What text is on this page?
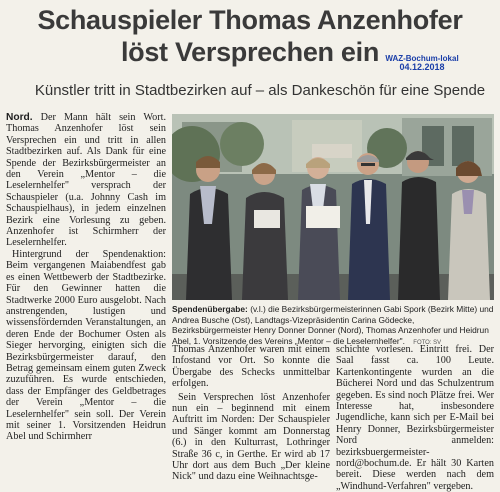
Schauspieler Thomas Anzenhofer
löst Versprechen ein WAZ-Bochum-lokal
04.12.2018
Künstler tritt in Stadtbezirken auf – als Dankeschön für eine Spende

Nord. Der Mann hält sein Wort. Thomas Anzenhofer löst sein Versprechen ein und tritt in allen Stadtbezirken auf. Als Dank für eine Spende der Bezirksbürgermeister an den Verein „Mentor – die Leselernhelfer" versprach der Schauspieler (u.a. Johnny Cash im Schauspielhaus), in jedem einzelnen Bezirk eine Vorlesung zu geben. Anzenhofer ist Schirmherr der Leselernhelfer.

Hintergrund der Spendenaktion: Beim vergangenen Maiabendfest gab es einen Wettbewerb der Stadtbezirke. Für den Gewinner hatten die Stadtwerke 2000 Euro ausgelobt. Nach anstrengenden, lustigen und wissensfördernden Veranstaltungen, an deren Ende der Bochumer Osten als Sieger hervorging, einigten sich die Bezirksbürgermeister darauf, den Betrag gemeinsam einem guten Zweck zuzuführen. Es wurde entschieden, dass der Empfänger des Geldbetrages der Verein „Mentor – die Leselernhelfer" sein soll. Der Verein mit seiner 1. Vorsitzenden Heidrun Abel und Schirmherr

Spendenübergabe: (v.l.) die Bezirksbürgermeisterinnen Gabi Spork (Bezirk Mitte) und Andrea Busche (Ost), Landtags-Vizepräsidentin Carina Gödecke, Bezirksbürgermeister Henry Donner Donner (Nord), Thomas Anzenhofer und Heidrun Abel, 1. Vorsitzende des Vereins „Mentor – die Leselernhelfer". FOTO: SV

Thomas Anzenhofer waren mit einem Infostand vor Ort. So konnte die Übergabe des Schecks unmittelbar erfolgen.

Sein Versprechen löst Anzenhofer nun ein – beginnend mit einem Auftritt im Norden: Der Schauspieler und Sänger kommt am Donnerstag (6.) in den Kulturrast, Lothringer Straße 36 c, in Gerthe. Er wird ab 17 Uhr dort aus dem Buch „Der kleine Nick" und dazu eine Weihnachtsge-

schichte vorlesen. Eintritt frei. Der Saal fasst ca. 100 Leute. Kartenkontingente wurden an die Bücherei Nord und das Schulzentrum gegeben. Es sind noch Plätze frei. Wer Interesse hat, insbesondere Jugendliche, kann sich per E-Mail bei Henry Donner, Bezirksbürgermeister Nord anmelden: bezirksbuergermeister-nord@bochum.de. Er hält 30 Karten bereit. Diese werden nach dem „Windhund-Verfahren" vergeben.
